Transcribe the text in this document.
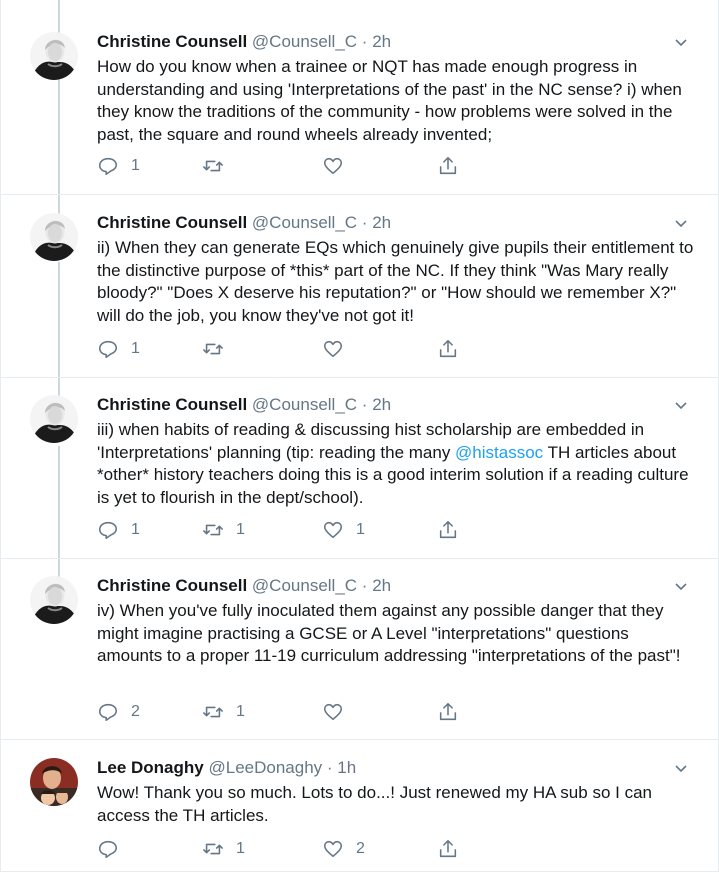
Christine Counsell @Counsell_C · 2h
How do you know when a trainee or NQT has made enough progress in understanding and using 'Interpretations of the past' in the NC sense? i) when they know the traditions of the community - how problems were solved in the past, the square and round wheels already invented;
1
Christine Counsell @Counsell_C · 2h
ii) When they can generate EQs which genuinely give pupils their entitlement to the distinctive purpose of *this* part of the NC. If they think "Was Mary really bloody?" "Does X deserve his reputation?" or "How should we remember X?" will do the job, you know they've not got it!
1
Christine Counsell @Counsell_C · 2h
iii) when habits of reading & discussing hist scholarship are embedded in 'Interpretations' planning (tip: reading the many @histassoc TH articles about *other* history teachers doing this is a good interim solution if a reading culture is yet to flourish in the dept/school).
1	1	1
Christine Counsell @Counsell_C · 2h
iv) When you've fully inoculated them against any possible danger that they might imagine practising a GCSE or A Level "interpretations" questions amounts to a proper 11-19 curriculum addressing "interpretations of the past"!
2	1
Lee Donaghy @LeeDonaghy · 1h
Wow! Thank you so much. Lots to do...! Just renewed my HA sub so I can access the TH articles.
1	2
